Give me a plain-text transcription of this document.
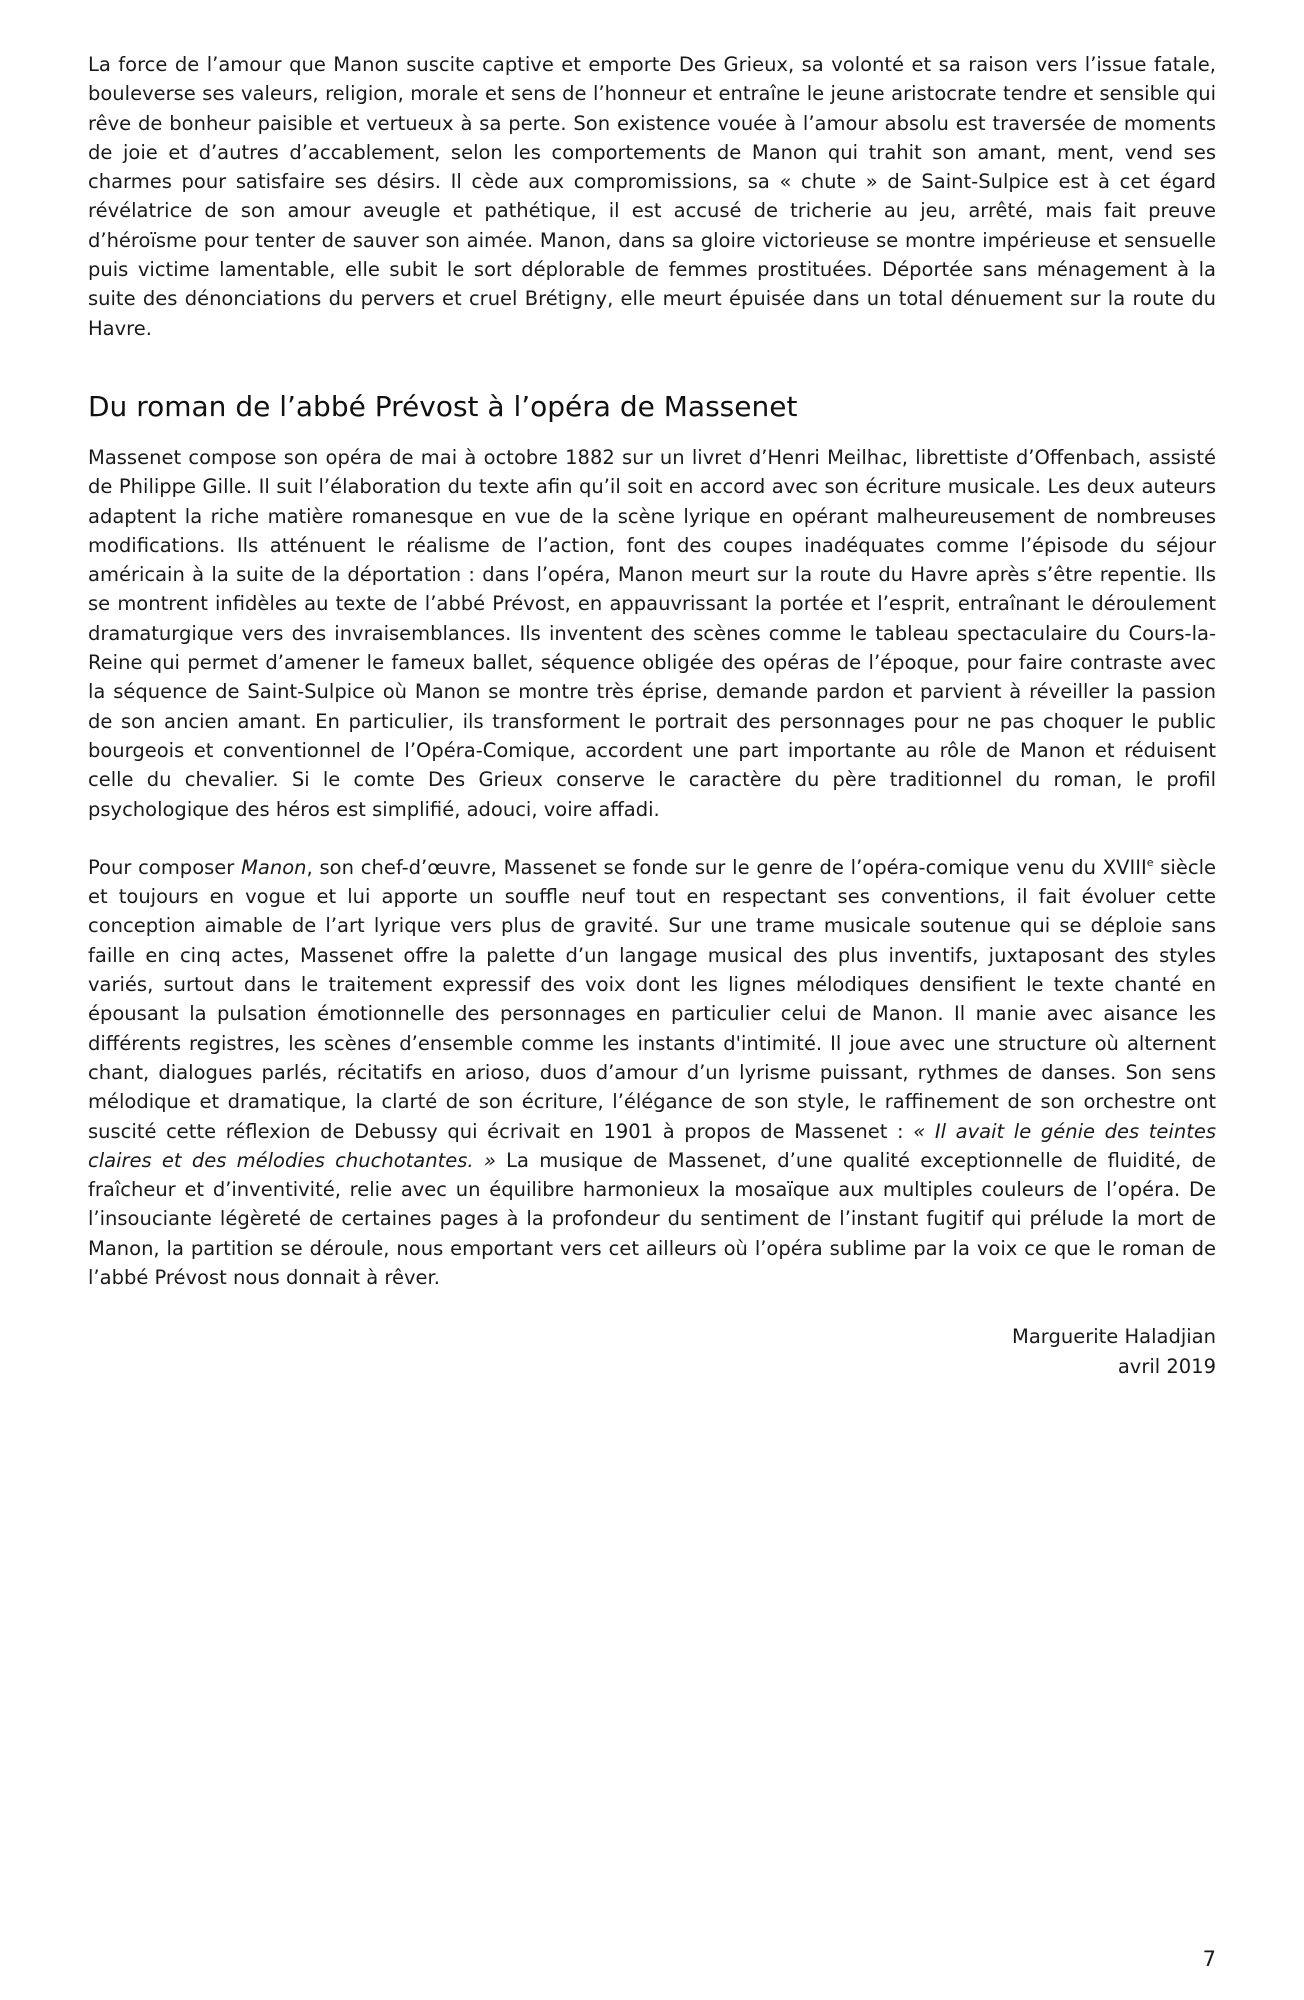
La force de l’amour que Manon suscite captive et emporte Des Grieux, sa volonté et sa raison vers l’issue fatale, bouleverse ses valeurs, religion, morale et sens de l’honneur et entraîne le jeune aristocrate tendre et sensible qui rêve de bonheur paisible et vertueux à sa perte. Son existence vouée à l’amour absolu est traversée de moments de joie et d’autres d’accablement, selon les comportements de Manon qui trahit son amant, ment, vend ses charmes pour satisfaire ses désirs. Il cède aux compromissions, sa « chute » de Saint-Sulpice est à cet égard révélatrice de son amour aveugle et pathétique, il est accusé de tricherie au jeu, arrêté, mais fait preuve d’héroïsme pour tenter de sauver son aimée. Manon, dans sa gloire victorieuse se montre impérieuse et sensuelle puis victime lamentable, elle subit le sort déplorable de femmes prostituées. Déportée sans ménagement à la suite des dénonciations du pervers et cruel Brétigny, elle meurt épuisée dans un total dénuement sur la route du Havre.

Du roman de l’abbé Prévost à l’opéra de Massenet

Massenet compose son opéra de mai à octobre 1882 sur un livret d’Henri Meilhac, librettiste d’Offenbach, assisté de Philippe Gille. Il suit l’élaboration du texte afin qu’il soit en accord avec son écriture musicale. Les deux auteurs adaptent la riche matière romanesque en vue de la scène lyrique en opérant malheureusement de nombreuses modifications. Ils atténuent le réalisme de l’action, font des coupes inadéquates comme l’épisode du séjour américain à la suite de la déportation : dans l’opéra, Manon meurt sur la route du Havre après s’être repentie. Ils se montrent infidèles au texte de l’abbé Prévost, en appauvrissant la portée et l’esprit, entraînant le déroulement dramaturgique vers des invraisemblances. Ils inventent des scènes comme le tableau spectaculaire du Cours-la-Reine qui permet d’amener le fameux ballet, séquence obligée des opéras de l’époque, pour faire contraste avec la séquence de Saint-Sulpice où Manon se montre très éprise, demande pardon et parvient à réveiller la passion de son ancien amant. En particulier, ils transforment le portrait des personnages pour ne pas choquer le public bourgeois et conventionnel de l’Opéra-Comique, accordent une part importante au rôle de Manon et réduisent celle du chevalier. Si le comte Des Grieux conserve le caractère du père traditionnel du roman, le profil psychologique des héros est simplifié, adouci, voire affadi.

Pour composer Manon, son chef-d’œuvre, Massenet se fonde sur le genre de l’opéra-comique venu du XVIIIe siècle et toujours en vogue et lui apporte un souffle neuf tout en respectant ses conventions, il fait évoluer cette conception aimable de l’art lyrique vers plus de gravité. Sur une trame musicale soutenue qui se déploie sans faille en cinq actes, Massenet offre la palette d’un langage musical des plus inventifs, juxtaposant des styles variés, surtout dans le traitement expressif des voix dont les lignes mélodiques densifient le texte chanté en épousant la pulsation émotionnelle des personnages en particulier celui de Manon. Il manie avec aisance les différents registres, les scènes d’ensemble comme les instants d'intimité. Il joue avec une structure où alternent chant, dialogues parlés, récitatifs en arioso, duos d’amour d’un lyrisme puissant, rythmes de danses. Son sens mélodique et dramatique, la clarté de son écriture, l’élégance de son style, le raffinement de son orchestre ont suscité cette réflexion de Debussy qui écrivait en 1901 à propos de Massenet : « Il avait le génie des teintes claires et des mélodies chuchotantes. » La musique de Massenet, d’une qualité exceptionnelle de fluidité, de fraîcheur et d’inventivité, relie avec un équilibre harmonieux la mosaïque aux multiples couleurs de l’opéra. De l’insouciante légèreté de certaines pages à la profondeur du sentiment de l’instant fugitif qui prélude la mort de Manon, la partition se déroule, nous emportant vers cet ailleurs où l’opéra sublime par la voix ce que le roman de l’abbé Prévost nous donnait à rêver.

Marguerite Haladjian
avril 2019
7
